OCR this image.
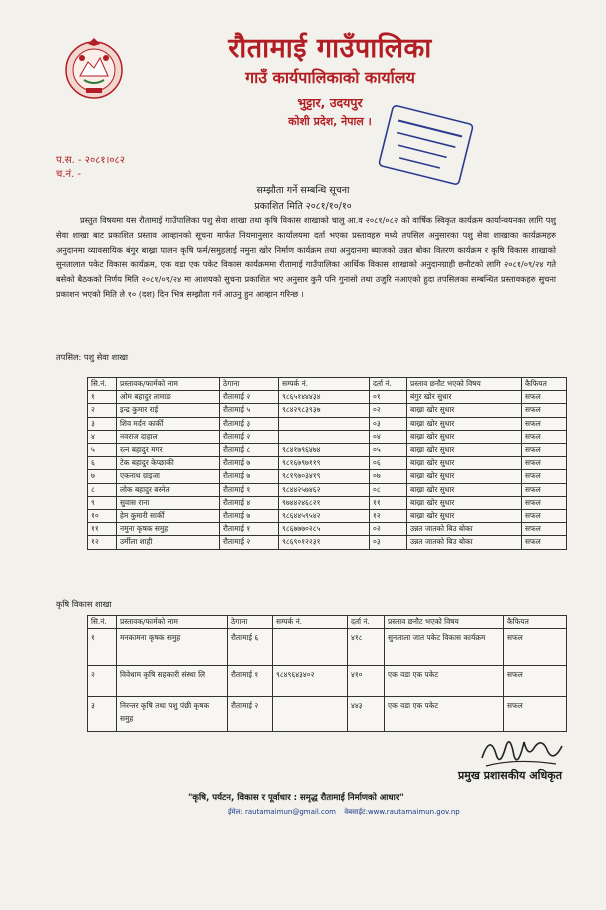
रौतामाई गाउँपालिका
गाउँ कार्यपालिकाको कार्यालय
भुट्टार, उदयपुर
कोशी प्रदेश, नेपाल ।
प.स. - २०८१।०८२
च.नं. -
सम्झौता गर्ने सम्बन्धि सूचना
प्रकाशित मिति २०८१/१०/१०
प्रस्तुत विषयमा यस रौतामाई गाउँपालिका पशु सेवा शाखा तथा कृषि विकास शाखाको चालु आ.व २०८१/०८२ को वार्षिक स्विकृत कार्यक्रम कार्यान्वयनका लागि पशु सेवा शाखा बाट प्रकाशित प्रस्ताव आव्हानको सूचना मार्फत नियमानुसार कार्यालयमा दर्ता भएका प्रस्तावहरु मध्ये तपसिल अनुसारका पशु सेवा शाखाका कार्यक्रमहरु अनुदानमा व्यावसायिक बंगुर बाख्रा पालन कृषि फर्म/समुहलाई नमुना खोर निर्माण कार्यक्रम तथा अनुदानमा ब्याजको उन्नत बोका वितरण कार्यक्रम र कृषि विकास शाखाको सुनतालात पकेट विकास कार्यक्रम, एक वडा एक पकेट विकास कार्यक्रममा रौतामाई गाउँपालिका आर्थिक विकास शाखाको अनुदानग्राही छनौटको लागि २०८१/०९/२४ गते बसेको बैठकको निर्णय मिति २०८१/०९/२४ मा आशयको सुचना प्रकाशित भए अनुसार कुनै पनि गुनासो तथा उजुरि नआएको हुदा तपसिलका सम्बन्धित प्रस्तावकहरु सुचना प्रकाशन भएको मिति ले १० (दश) दिन भित्र सम्झौता गर्न आउनु हुन आव्हान गरिन्छ ।
तपसिल: पशु सेवा शाखा
सि.नं.	प्रस्तावक/फार्मको नाम	ठेगाना	सम्पर्क नं.	दर्ता नं.	प्रस्ताव छनौट भएको विषय	कैफियत
१	ओम बहादुर तामाङ	रौतामाई २	९८६५१४४४३४	०१	बंगुर खोर सुधार	सफल
२	इन्द्र कुमार राई	रौतामाई ५	९८४२९८३९३७	०२	बाख्रा खोर सुधार	सफल
३	शिव मर्दन कार्की	रौतामाई ३		०३	बाख्रा खोर सुधार	सफल
४	नवराज दाहाल	रौतामाई २		०४	बाख्रा खोर सुधार	सफल
५	रत्न बहादुर मगर	रौतामाई ८	९८४१७९६४७४	०५	बाख्रा खोर सुधार	सफल
६	टेक बहादुर केप्छाकी	रौतामाई ७	९८१६७९७११९	०६	बाख्रा खोर सुधार	सफल
७	एकनाथ ग्राइजा	रौतामाई ७	९८१९७०३४१९	०७	बाख्रा खोर सुधार	सफल
८	लोक बहादुर बस्नेत	रौतामाई १	९८४४२५७४६२	०८	बाख्रा खोर सुधार	सफल
९	सुवास राना	रौतामाई ४	९७४४२४६८२१	११	बाख्रा खोर सुधार	सफल
१०	हेम कुमारी सार्की	रौतामाई ७	९८६४४५९५४२	१२	बाख्रा खोर सुधार	सफल
११	नमुना कृषक समुह	रौतामाई १	९८६७७७०२८५	०२	उन्नत जातको बिउ बोका	सफल
१२	उर्मीला शाही	रौतामाई २	९८६९०१२२३१	०३	उन्नत जातको बिउ बोका	सफल
कृषि विकास शाखा
सि.नं.	प्रस्तावक/फार्मको नाम	ठेगाना	सम्पर्क नं.	दर्ता नं.	प्रस्ताव छनौट भएको विषय	कैफियत
१	मनकामना कृषक समुह	रौतामाई ६		४१८	सुनताला जात पकेट विकास कार्यक्रम	सफल
२	विवेधाम कृषि सहकारी संस्था लि	रौतामाई १	९८४९६४३४०२	४१०	एक वडा एक पकेट	सफल
३	निरन्तर कृषि तथा पशु पंछी कृषक समुह	रौतामाई २		४४३	एक वडा एक पकेट	सफल
प्रमुख प्रशासकीय अधिकृत
"कृषि, पर्यटन, विकास र पूर्वाधार : समृद्ध रौतामाई निर्माणको आधार"
ईमेल: rautamaimun@gmail.com वेबसाईट:www.rautamaimun.gov.np
